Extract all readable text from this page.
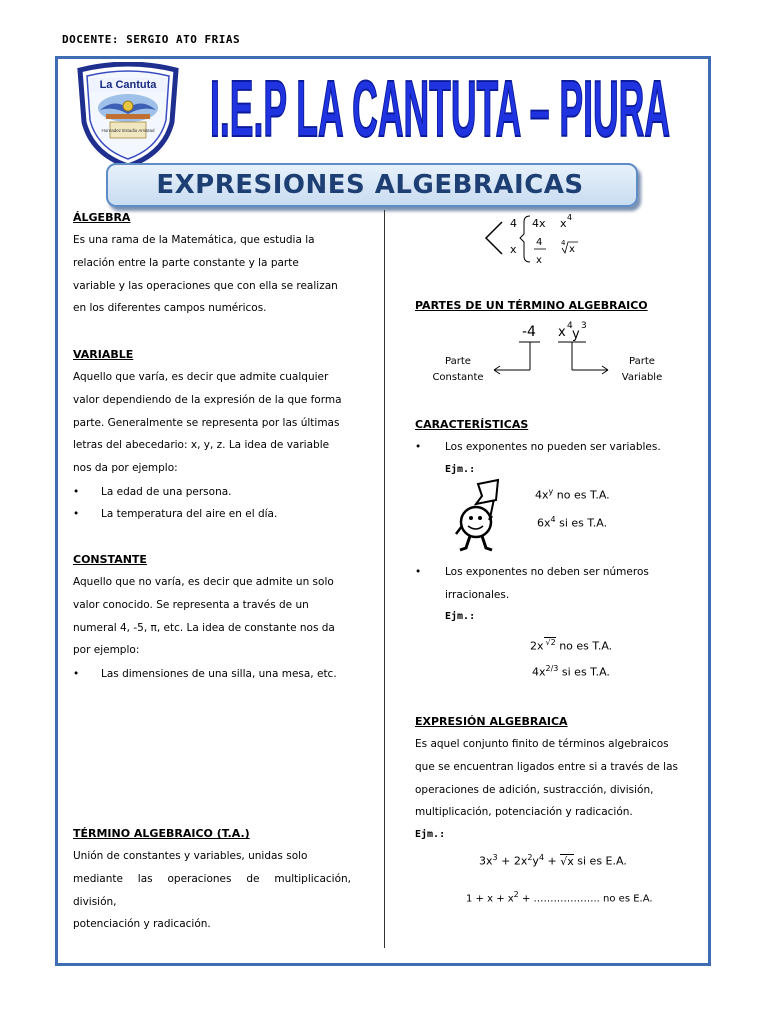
DOCENTE: SERGIO ATO FRIAS
La Cantuta
Honradez Estudio Amistad I.E.P LA CANTUTA – PIURA
EXPRESIONES ALGEBRAICAS
ÁLGEBRA
Es una rama de la Matemática, que estudia la
relación entre la parte constante y la parte
variable y las operaciones que con ella se realizan
en los diferentes campos numéricos.
VARIABLE
Aquello que varía, es decir que admite cualquier
valor dependiendo de la expresión de la que forma
parte. Generalmente se representa por las últimas
letras del abecedario: x, y, z. La idea de variable
nos da por ejemplo:
• La edad de una persona.
• La temperatura del aire en el día.
CONSTANTE
Aquello que no varía, es decir que admite un solo
valor conocido. Se representa a través de un
numeral 4, -5, π, etc. La idea de constante nos da
por ejemplo:
• Las dimensiones de una silla, una mesa, etc.
TÉRMINO ALGEBRAICO (T.A.)
Unión de constantes y variables, unidas solo
mediante las operaciones de multiplicación, división,
potenciación y radicación.
4
x
4x
4
x
x 4
4
x
PARTES DE UN TÉRMINO ALGEBRAICO
-4 x 4
y
3
Parte
Constante
Parte
Variable
CARACTERÍSTICAS
• Los exponentes no pueden ser variables.
Ejm.:
$4x^y$ no es T.A.
$6x^4$ si es T.A.
• Los exponentes no deben ser números
irracionales.
Ejm.:
2x $^{√2}$ no es T.A.
$4x^{2/3}$ si es T.A.
EXPRESIÓN ALGEBRAICA
Es aquel conjunto finito de términos algebraicos
que se encuentran ligados entre si a través de las
operaciones de adición, sustracción, división,
multiplicación, potenciación y radicación.
Ejm.:
$3x^3 + 2x^2y^4 + √x$ si es E.A.
$1 + x + x^2$ + ……………….. no es E.A.
